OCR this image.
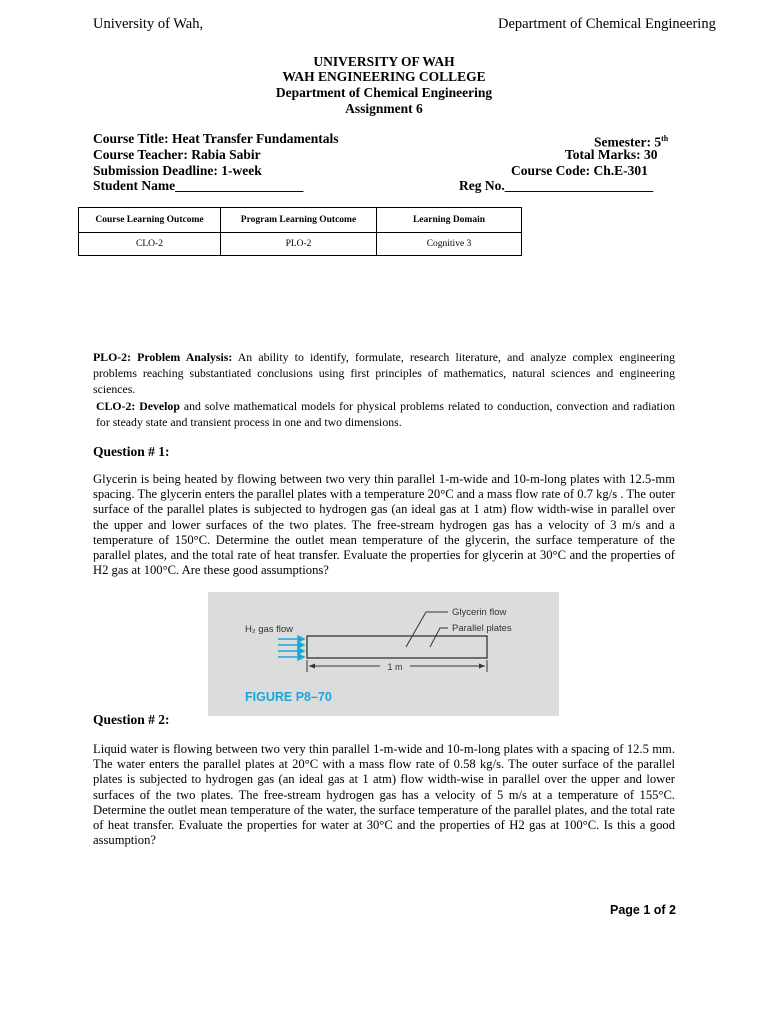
University of Wah,	Department of Chemical Engineering
UNIVERSITY OF WAH
WAH ENGINEERING COLLEGE
Department of Chemical Engineering
Assignment 6
Course Title: Heat Transfer Fundamentals	Semester: 5th
Course Teacher: Rabia Sabir	Total Marks: 30
Submission Deadline: 1-week	Course Code: Ch.E-301
Student Name___________________	Reg No.______________________
Course Learning Outcome	Program Learning Outcome	Learning Domain
CLO-2	PLO-2	Cognitive 3
PLO-2: Problem Analysis: An ability to identify, formulate, research literature, and analyze complex engineering problems reaching substantiated conclusions using first principles of mathematics, natural sciences and engineering sciences.
CLO-2: Develop and solve mathematical models for physical problems related to conduction, convection and radiation for steady state and transient process in one and two dimensions.
Question # 1:
Glycerin is being heated by flowing between two very thin parallel 1-m-wide and 10-m-long plates with 12.5-mm spacing. The glycerin enters the parallel plates with a temperature 20°C and a mass flow rate of 0.7 kg/s . The outer surface of the parallel plates is subjected to hydrogen gas (an ideal gas at 1 atm) flow width-wise in parallel over the upper and lower surfaces of the two plates. The free-stream hydrogen gas has a velocity of 3 m/s and a temperature of 150°C. Determine the outlet mean temperature of the glycerin, the surface temperature of the parallel plates, and the total rate of heat transfer. Evaluate the properties for glycerin at 30°C and the properties of H2 gas at 100°C. Are these good assumptions?
1 m
H₂ gas flow
Glycerin flow
Parallel plates
FIGURE P8–70
Question # 2:
Liquid water is flowing between two very thin parallel 1-m-wide and 10-m-long plates with a spacing of 12.5 mm. The water enters the parallel plates at 20°C with a mass flow rate of 0.58 kg/s. The outer surface of the parallel plates is subjected to hydrogen gas (an ideal gas at 1 atm) flow width-wise in parallel over the upper and lower surfaces of the two plates. The free-stream hydrogen gas has a velocity of 5 m/s at a temperature of 155°C. Determine the outlet mean temperature of the water, the surface temperature of the parallel plates, and the total rate of heat transfer. Evaluate the properties for water at 30°C and the properties of H2 gas at 100°C. Is this a good assumption?
Page 1 of 2
